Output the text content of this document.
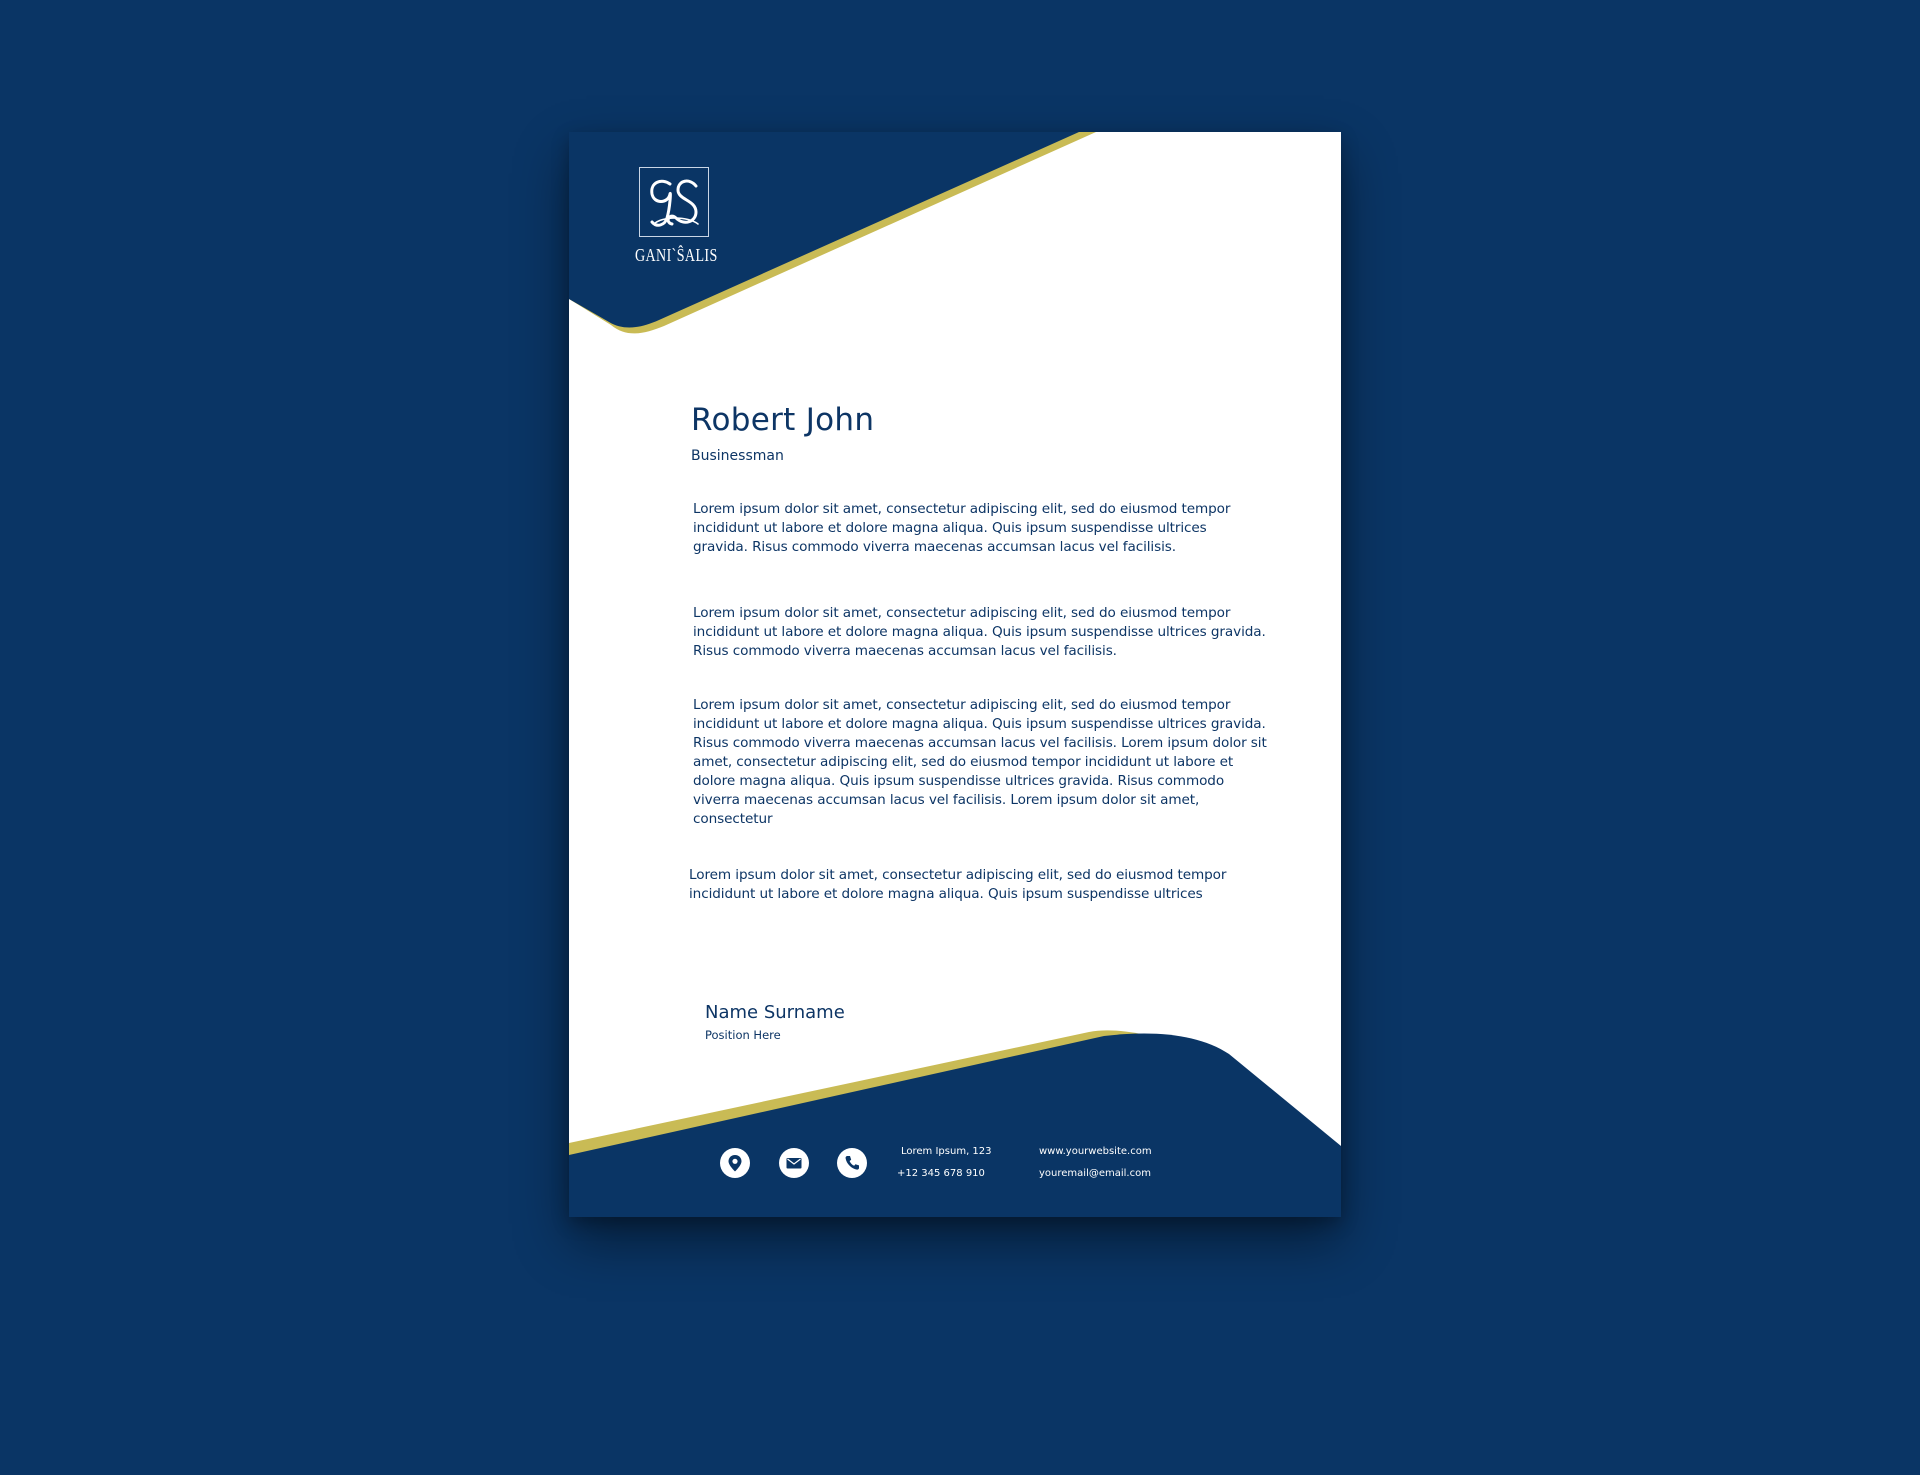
GANI`ŜALIS
Robert John
Businessman

Lorem ipsum dolor sit amet, consectetur adipiscing elit, sed do eiusmod tempor incididunt ut labore et dolore magna aliqua. Quis ipsum suspendisse ultrices gravida. Risus commodo viverra maecenas accumsan lacus vel facilisis.

Lorem ipsum dolor sit amet, consectetur adipiscing elit, sed do eiusmod tempor incididunt ut labore et dolore magna aliqua. Quis ipsum suspendisse ultrices gravida. Risus commodo viverra maecenas accumsan lacus vel facilisis.

Lorem ipsum dolor sit amet, consectetur adipiscing elit, sed do eiusmod tempor incididunt ut labore et dolore magna aliqua. Quis ipsum suspendisse ultrices gravida. Risus commodo viverra maecenas accumsan lacus vel facilisis. Lorem ipsum dolor sit amet, consectetur adipiscing elit, sed do eiusmod tempor incididunt ut labore et dolore magna aliqua. Quis ipsum suspendisse ultrices gravida. Risus commodo viverra maecenas accumsan lacus vel facilisis. Lorem ipsum dolor sit amet, consectetur

Lorem ipsum dolor sit amet, consectetur adipiscing elit, sed do eiusmod tempor incididunt ut labore et dolore magna aliqua. Quis ipsum suspendisse ultrices

Name Surname
Position Here
Lorem Ipsum, 123
+12 345 678 910
www.yourwebsite.com
youremail@email.com
